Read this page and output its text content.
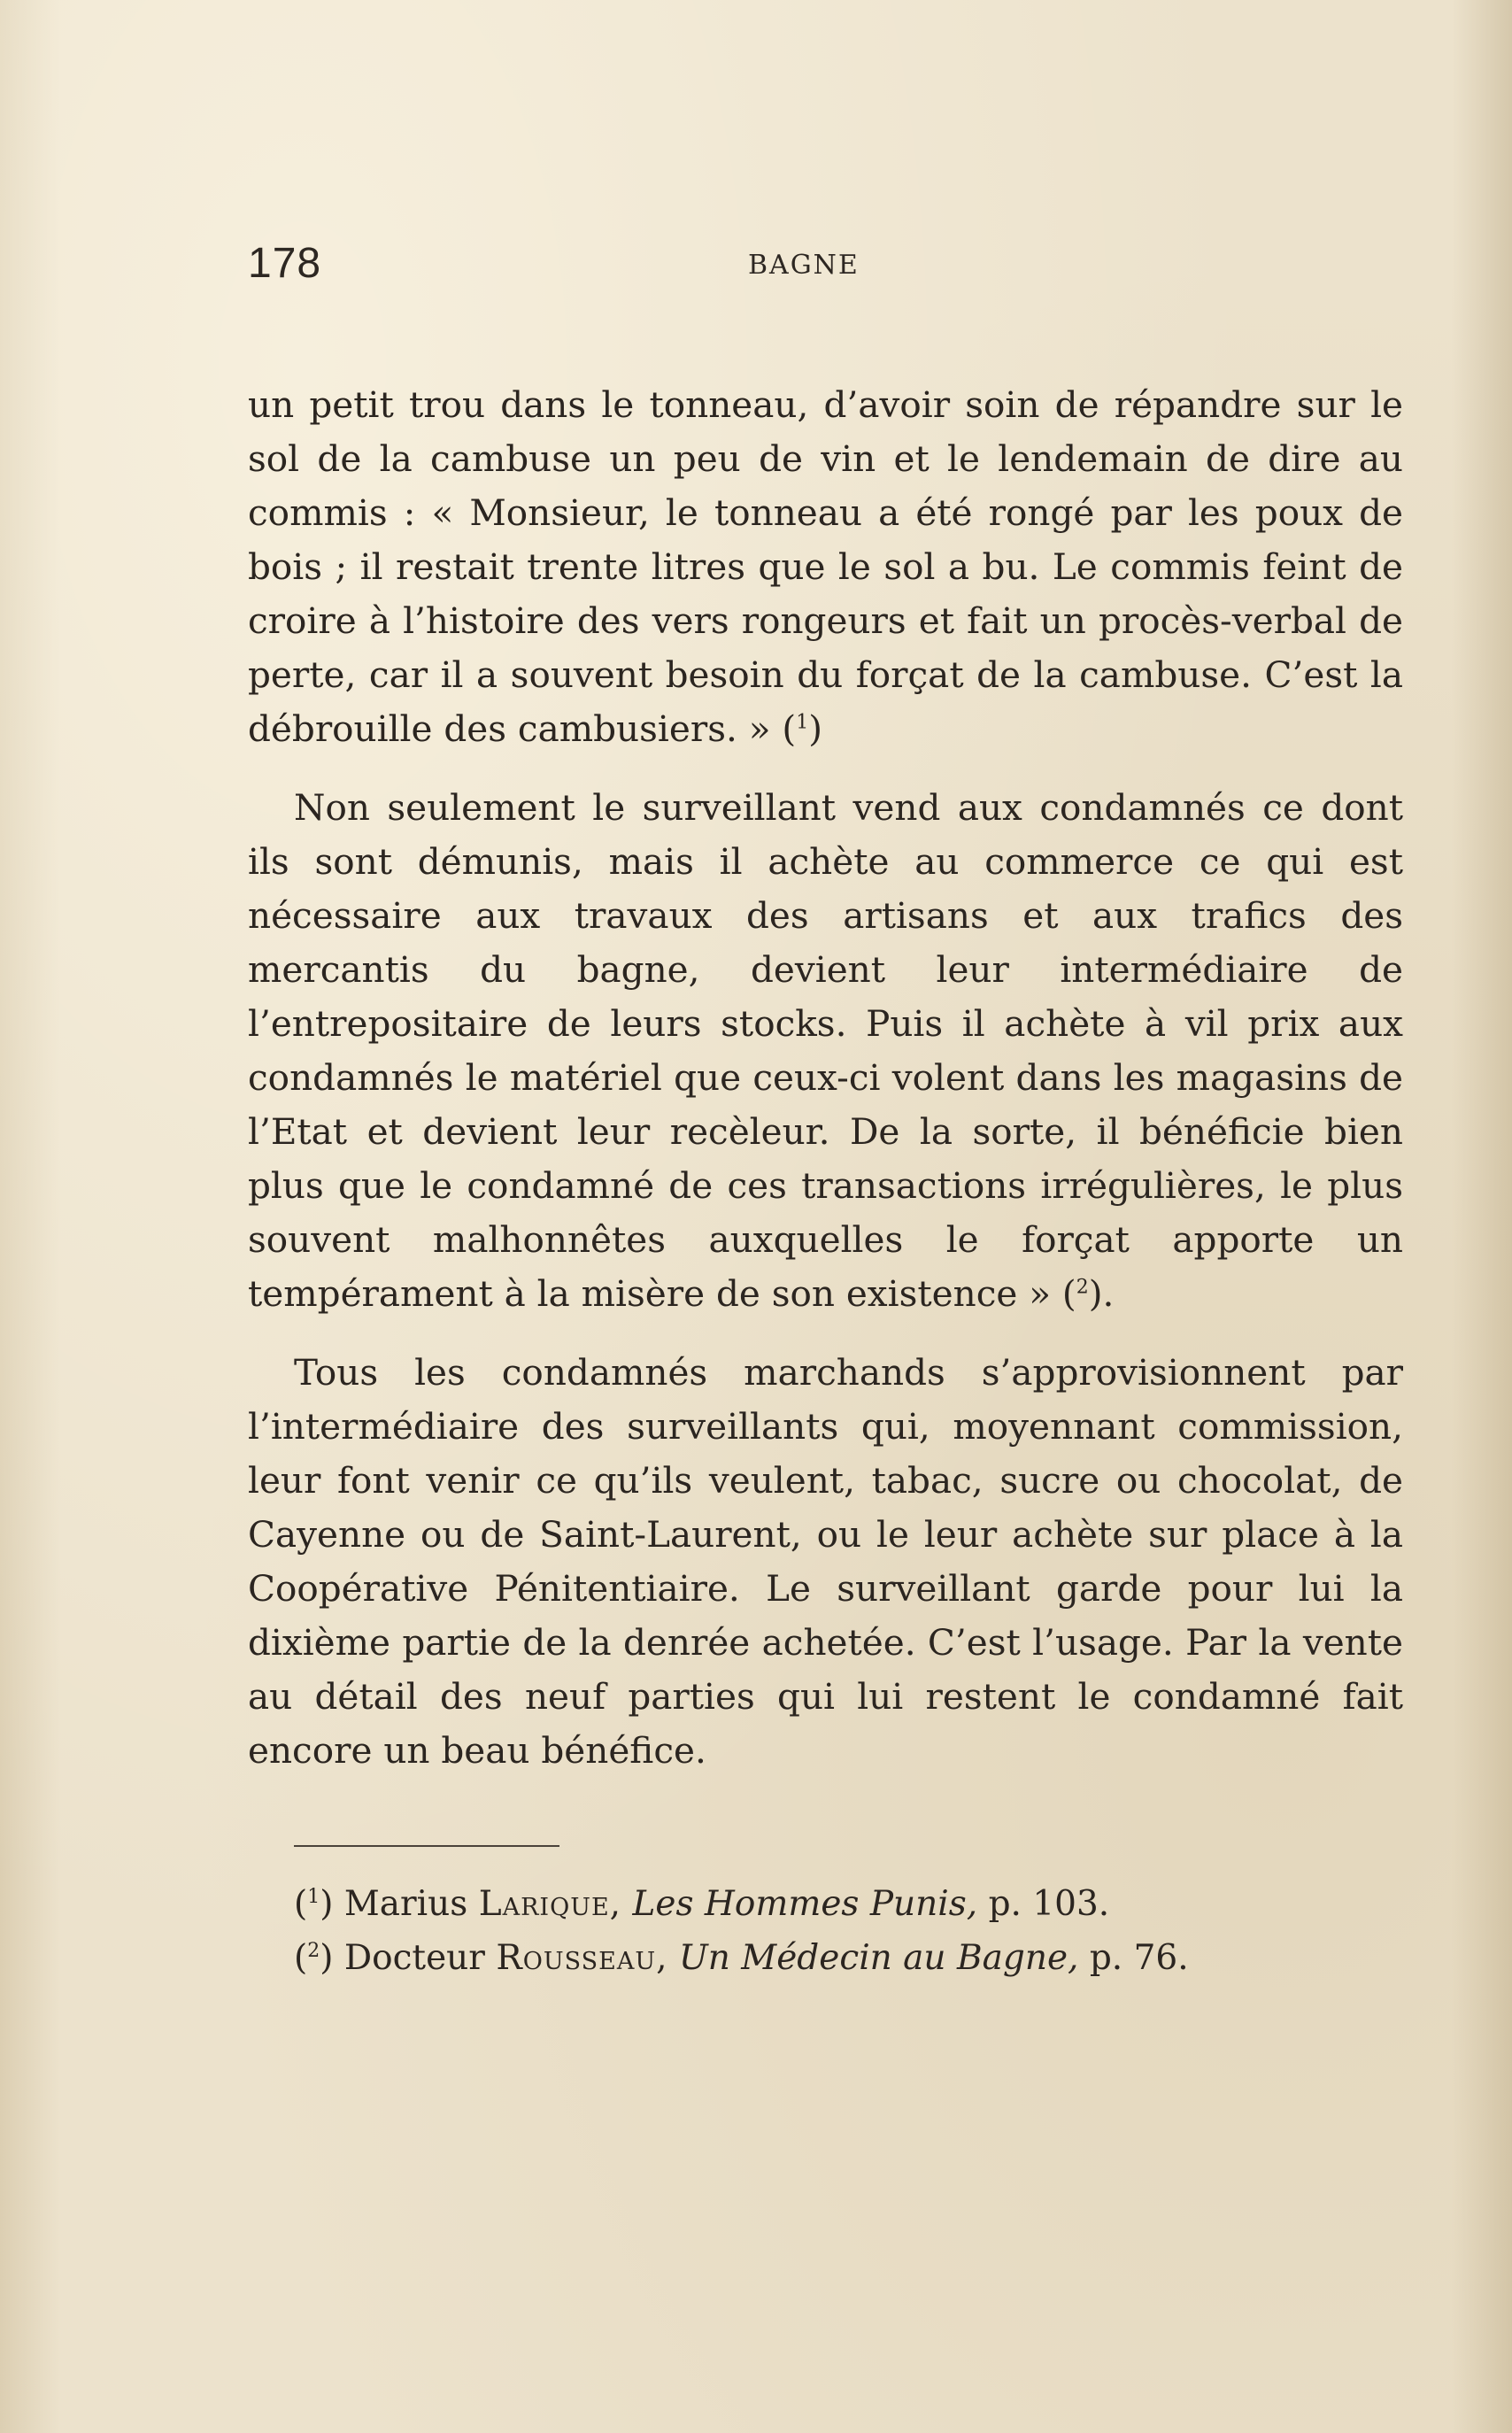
178	BAGNE

un petit trou dans le tonneau, d’avoir soin de répandre sur le sol de la cambuse un peu de vin et le lendemain de dire au commis : « Monsieur, le tonneau a été rongé par les poux de bois ; il restait trente litres que le sol a bu. Le commis feint de croire à l’histoire des vers rongeurs et fait un procès-verbal de perte, car il a souvent besoin du forçat de la cambuse. C’est la débrouille des cambusiers. » ($^1$)

Non seulement le surveillant vend aux condamnés ce dont ils sont démunis, mais il achète au commerce ce qui est nécessaire aux travaux des artisans et aux trafics des mercantis du bagne, devient leur intermédiaire de l’entrepositaire de leurs stocks. Puis il achète à vil prix aux condamnés le matériel que ceux-ci volent dans les magasins de l’Etat et devient leur recèleur. De la sorte, il bénéficie bien plus que le condamné de ces transactions irrégulières, le plus souvent malhonnêtes auxquelles le forçat apporte un tempérament à la misère de son existence » ($^2$).

Tous les condamnés marchands s’approvisionnent par l’intermédiaire des surveillants qui, moyennant commission, leur font venir ce qu’ils veulent, tabac, sucre ou chocolat, de Cayenne ou de Saint-Laurent, ou le leur achète sur place à la Coopérative Pénitentiaire. Le surveillant garde pour lui la dixième partie de la denrée achetée. C’est l’usage. Par la vente au détail des neuf parties qui lui restent le condamné fait encore un beau bénéfice.

($^1$) Marius Larique, Les Hommes Punis, p. 103.
($^2$) Docteur Rousseau, Un Médecin au Bagne, p. 76.
